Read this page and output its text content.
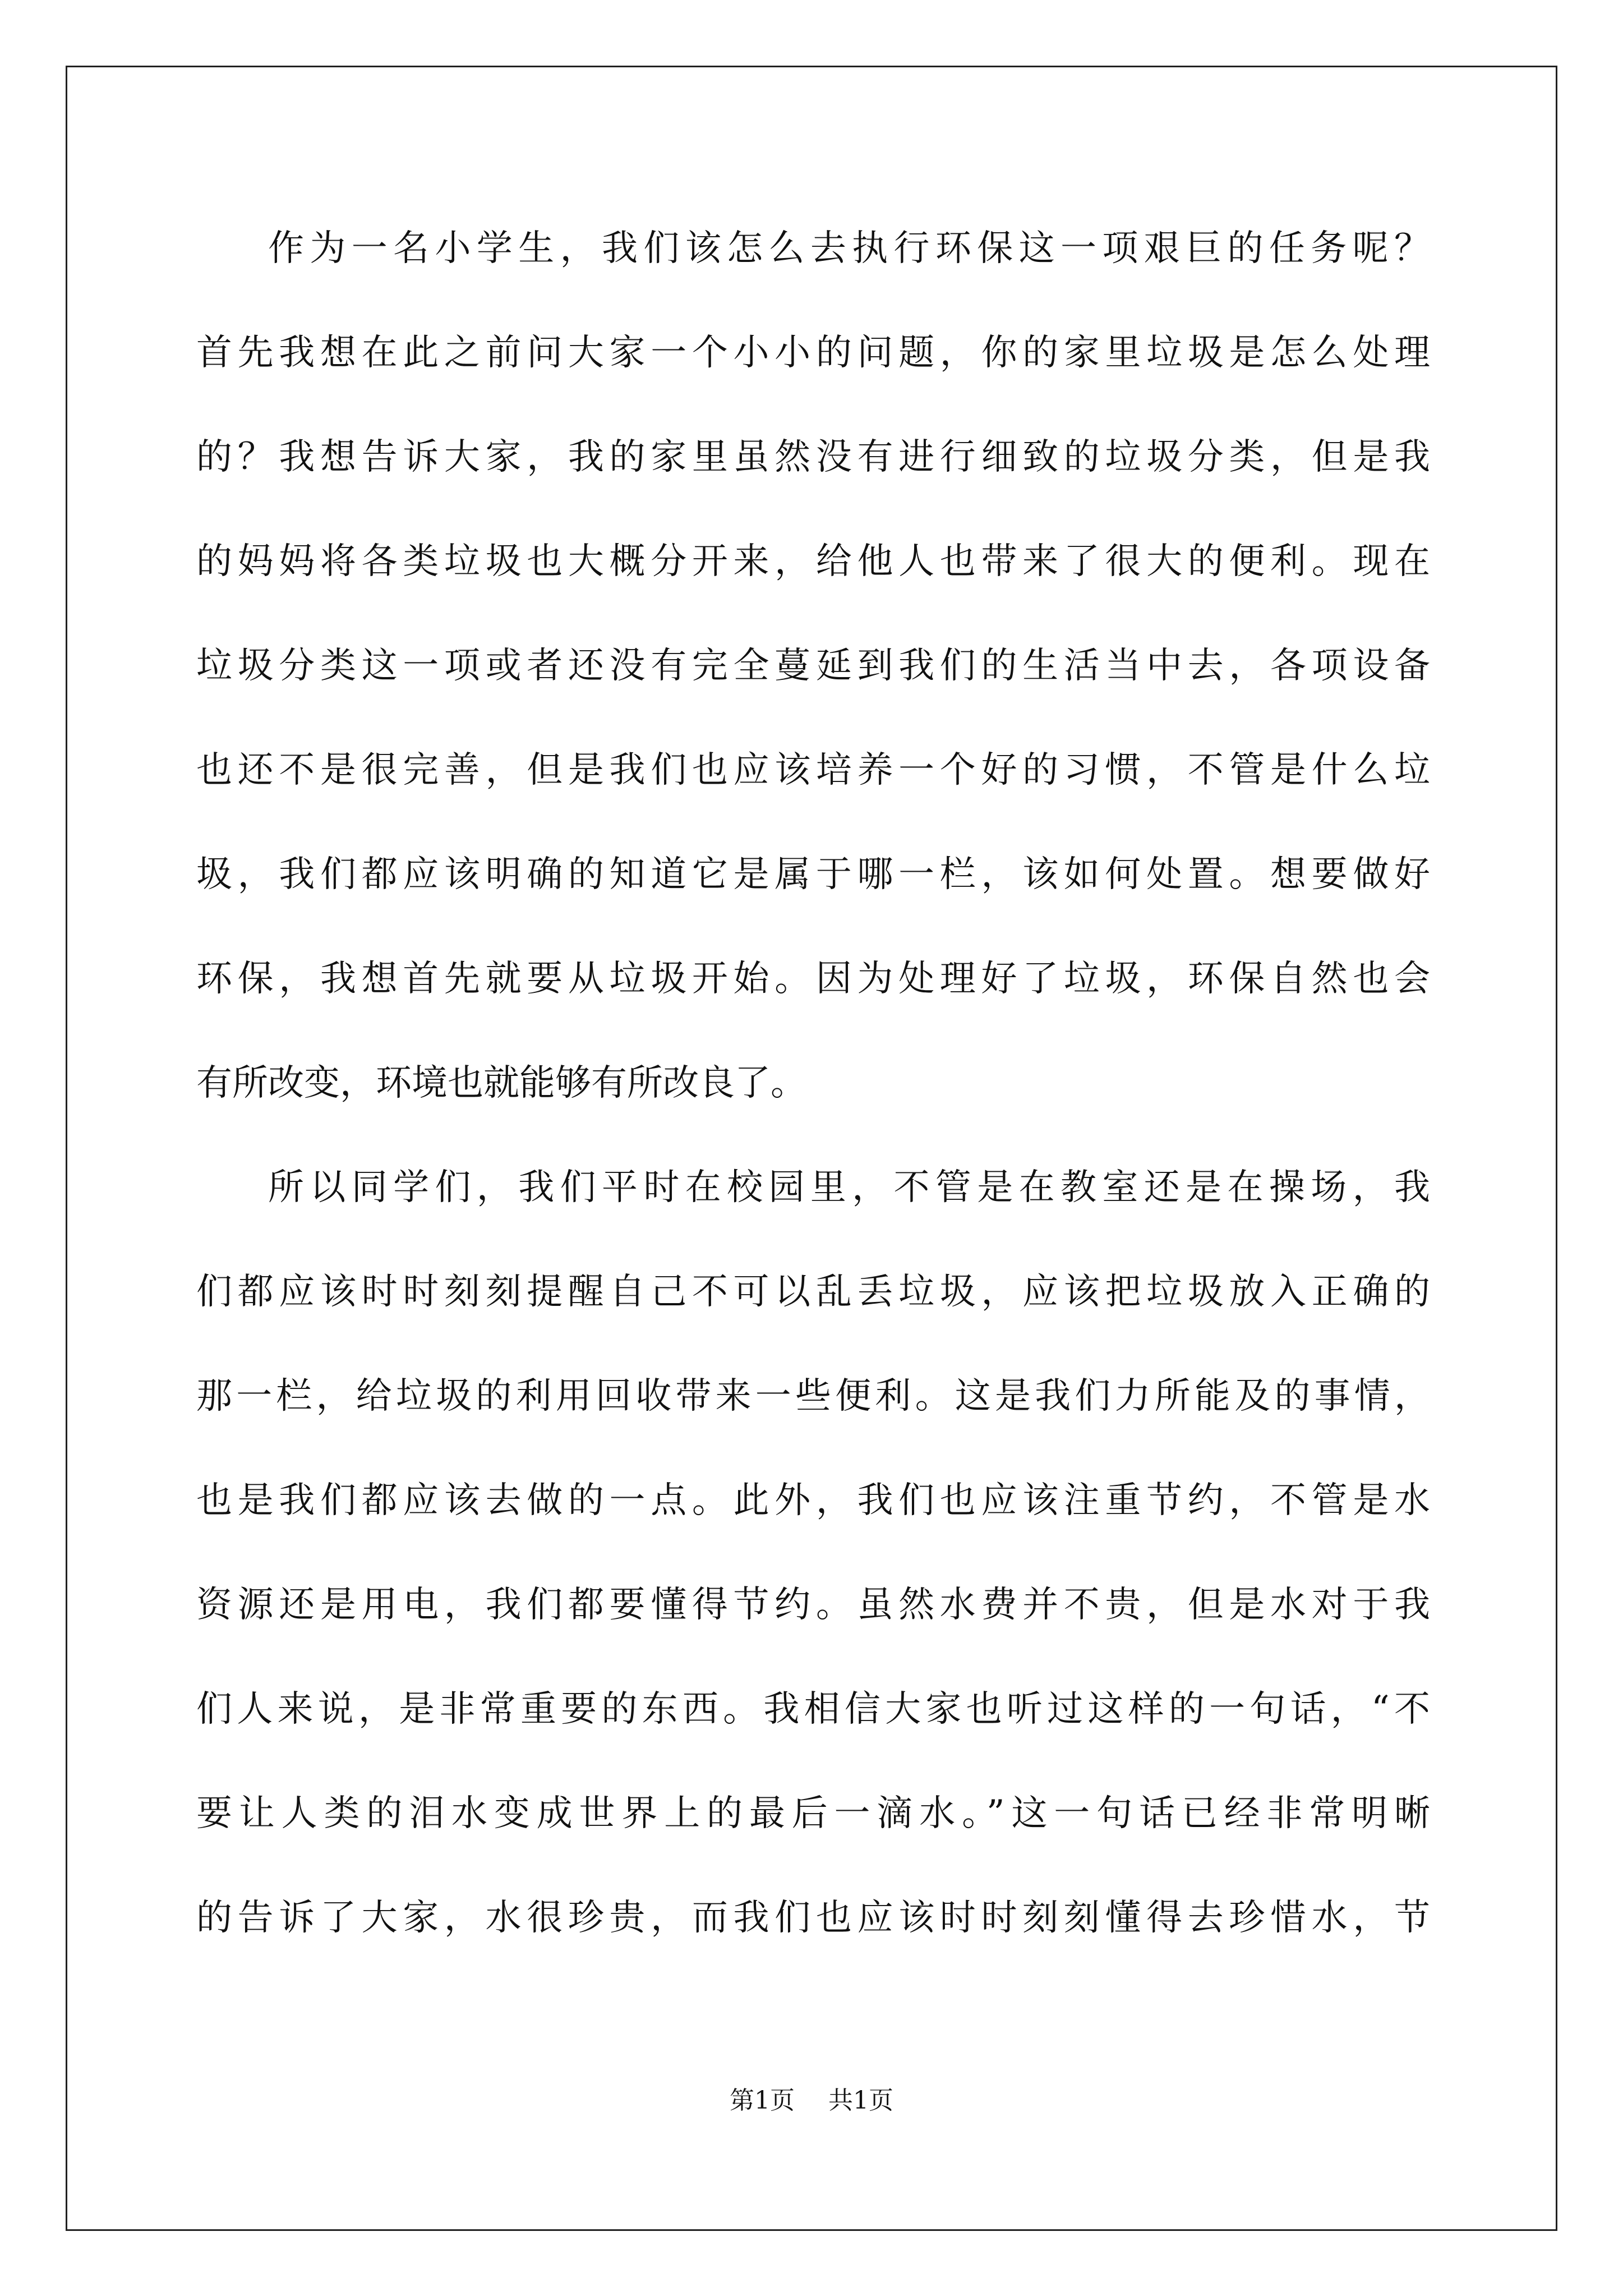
作为一名小学生，我们该怎么去执行环保这一项艰巨的任务呢？
首先我想在此之前问大家一个小小的问题，你的家里垃圾是怎么处理
的？我想告诉大家，我的家里虽然没有进行细致的垃圾分类，但是我
的妈妈将各类垃圾也大概分开来，给他人也带来了很大的便利。现在
垃圾分类这一项或者还没有完全蔓延到我们的生活当中去，各项设备
也还不是很完善，但是我们也应该培养一个好的习惯，不管是什么垃
圾，我们都应该明确的知道它是属于哪一栏，该如何处置。想要做好
环保，我想首先就要从垃圾开始。因为处理好了垃圾，环保自然也会
有所改变，环境也就能够有所改良了。
所以同学们，我们平时在校园里，不管是在教室还是在操场，我
们都应该时时刻刻提醒自己不可以乱丢垃圾，应该把垃圾放入正确的
那一栏，给垃圾的利用回收带来一些便利。这是我们力所能及的事情，
也是我们都应该去做的一点。此外，我们也应该注重节约，不管是水
资源还是用电，我们都要懂得节约。虽然水费并不贵，但是水对于我
们人来说，是非常重要的东西。我相信大家也听过这样的一句话，“不
要让人类的泪水变成世界上的最后一滴水。”这一句话已经非常明晰
的告诉了大家，水很珍贵，而我们也应该时时刻刻懂得去珍惜水，节
第1页 共1页
